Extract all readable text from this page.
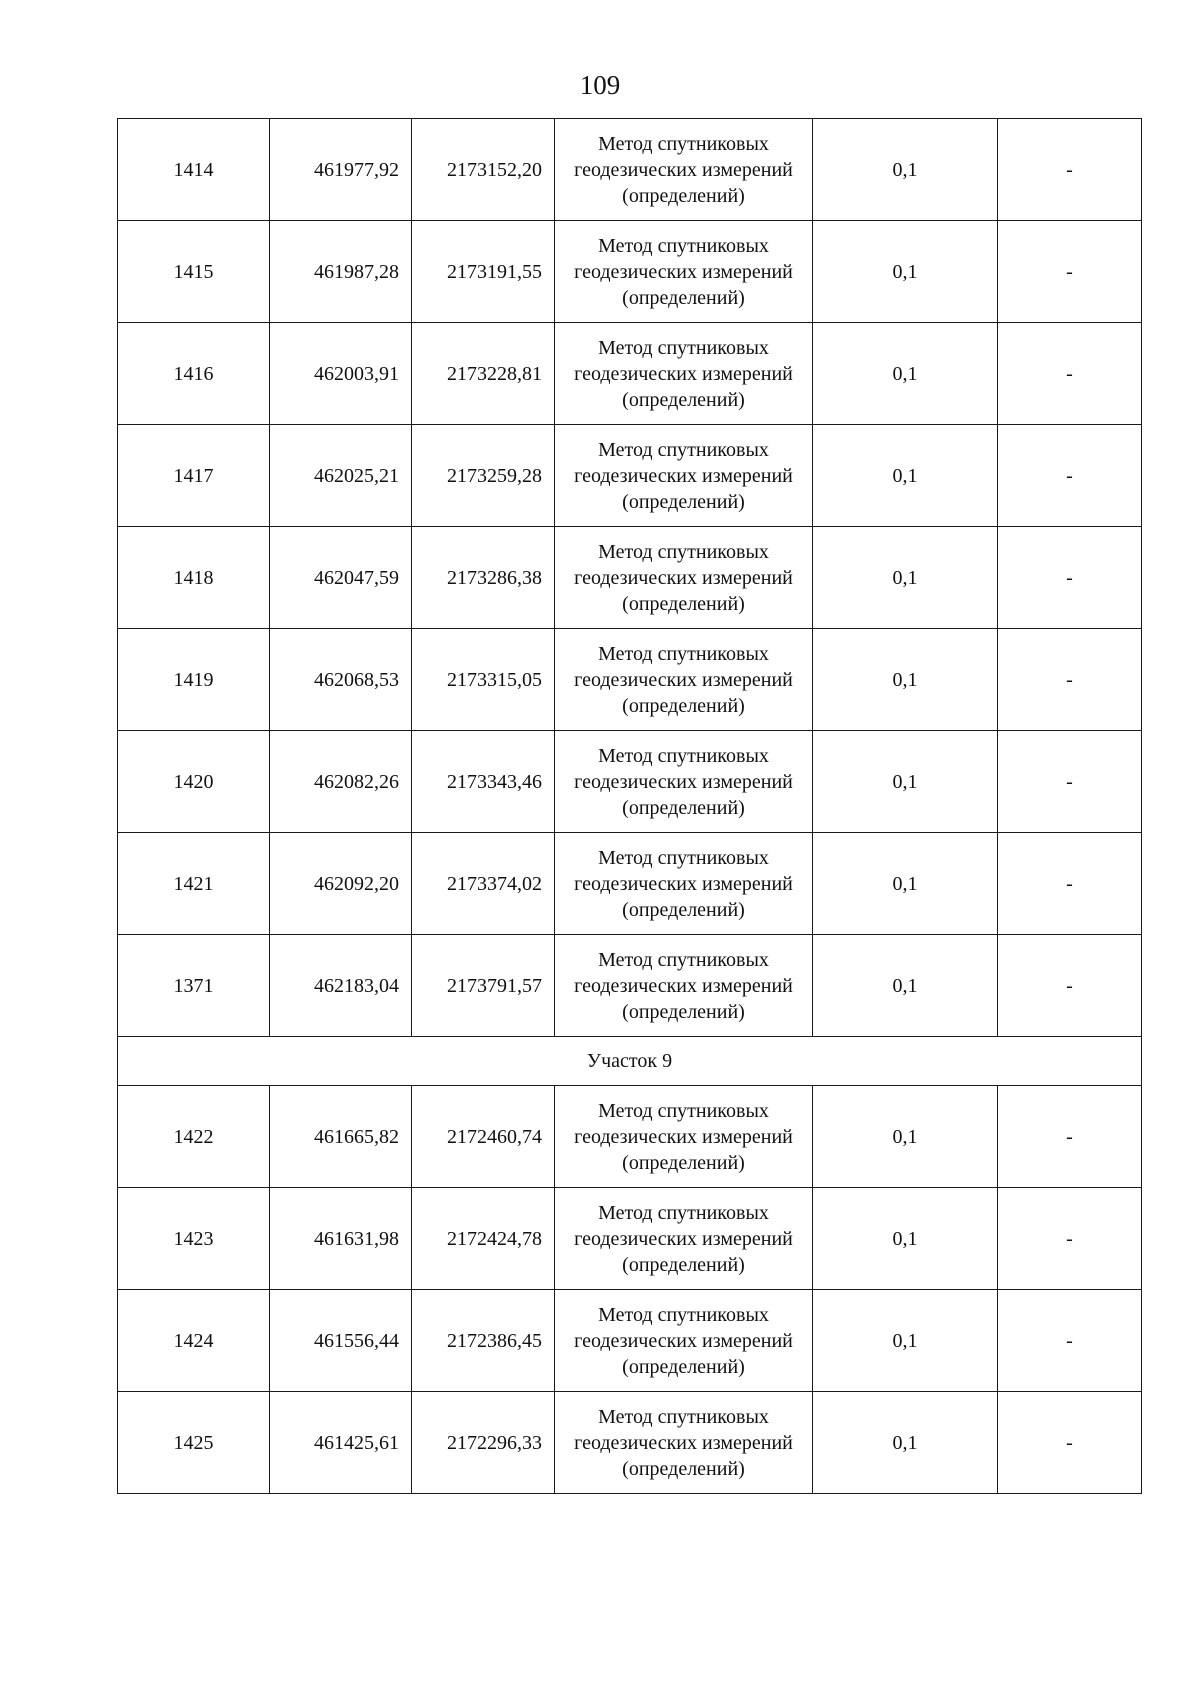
109
1414	461977,92	2173152,20	Метод спутниковых
геодезических измерений
(определений)	0,1	-
1415	461987,28	2173191,55	Метод спутниковых
геодезических измерений
(определений)	0,1	-
1416	462003,91	2173228,81	Метод спутниковых
геодезических измерений
(определений)	0,1	-
1417	462025,21	2173259,28	Метод спутниковых
геодезических измерений
(определений)	0,1	-
1418	462047,59	2173286,38	Метод спутниковых
геодезических измерений
(определений)	0,1	-
1419	462068,53	2173315,05	Метод спутниковых
геодезических измерений
(определений)	0,1	-
1420	462082,26	2173343,46	Метод спутниковых
геодезических измерений
(определений)	0,1	-
1421	462092,20	2173374,02	Метод спутниковых
геодезических измерений
(определений)	0,1	-
1371	462183,04	2173791,57	Метод спутниковых
геодезических измерений
(определений)	0,1	-
Участок 9					
1422	461665,82	2172460,74	Метод спутниковых
геодезических измерений
(определений)	0,1	-
1423	461631,98	2172424,78	Метод спутниковых
геодезических измерений
(определений)	0,1	-
1424	461556,44	2172386,45	Метод спутниковых
геодезических измерений
(определений)	0,1	-
1425	461425,61	2172296,33	Метод спутниковых
геодезических измерений
(определений)	0,1	-
